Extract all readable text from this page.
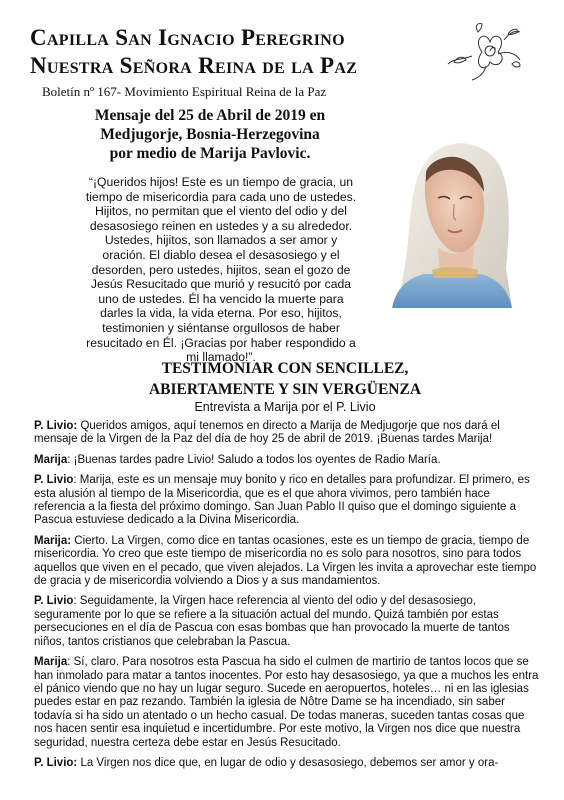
Capilla San Ignacio Peregrino
Nuestra Señora Reina de la Paz
Boletín nº 167- Movimiento Espiritual Reina de la Paz
Mensaje del 25 de Abril de 2019 en
Medjugorje, Bosnia-Herzegovina
por medio de Marija Pavlovic.
“¡Queridos hijos! Este es un tiempo de gracia, un tiempo de misericordia para cada uno de ustedes. Hijitos, no permitan que el viento del odio y del desasosiego reinen en ustedes y a su alrededor. Ustedes, hijitos, son llamados a ser amor y oración. El diablo desea el desasosiego y el desorden, pero ustedes, hijitos, sean el gozo de Jesús Resucitado que murió y resucitó por cada uno de ustedes. Él ha vencido la muerte para darles la vida, la vida eterna. Por eso, hijitos, testimonien y siéntanse orgullosos de haber resucitado en Él. ¡Gracias por haber respondido a mi llamado!”.
TESTIMONIAR CON SENCILLEZ,
ABIERTAMENTE Y SIN VERGÜENZA
Entrevista a Marija por el P. Livio

P. Livio: Queridos amigos, aquí tenemos en directo a Marija de Medjugorje que nos dará el mensaje de la Virgen de la Paz del día de hoy 25 de abril de 2019. ¡Buenas tardes Marija!

Marija: ¡Buenas tardes padre Livio! Saludo a todos los oyentes de Radio María.

P. Livio: Marija, este es un mensaje muy bonito y rico en detalles para profundizar. El primero, es esta alusión al tiempo de la Misericordia, que es el que ahora vivimos, pero también hace referencia a la fiesta del próximo domingo. San Juan Pablo II quiso que el domingo siguiente a Pascua estuviese dedicado a la Divina Misericordia.

Marija: Cierto. La Virgen, como dice en tantas ocasiones, este es un tiempo de gracia, tiempo de misericordia. Yo creo que este tiempo de misericordia no es solo para nosotros, sino para todos aquellos que viven en el pecado, que viven alejados. La Virgen les invita a aprovechar este tiempo de gracia y de misericordia volviendo a Dios y a sus mandamientos.

P. Livio: Seguidamente, la Virgen hace referencia al viento del odio y del desasosiego, seguramente por lo que se refiere a la situación actual del mundo. Quizá también por estas persecuciones en el día de Pascua con esas bombas que han provocado la muerte de tantos niños, tantos cristianos que celebraban la Pascua.

Marija: Sí, claro. Para nosotros esta Pascua ha sido el culmen de martirio de tantos locos que se han inmolado para matar a tantos inocentes. Por esto hay desasosiego, ya que a muchos les entra el pánico viendo que no hay un lugar seguro. Sucede en aeropuertos, hoteles… ni en las iglesias puedes estar en paz rezando. También la iglesia de Nôtre Dame se ha incendiado, sin saber todavía si ha sido un atentado o un hecho casual. De todas maneras, suceden tantas cosas que nos hacen sentir esa inquietud e incertidumbre. Por este motivo, la Virgen nos dice que nuestra seguridad, nuestra certeza debe estar en Jesús Resucitado.

P. Livio: La Virgen nos dice que, en lugar de odio y desasosiego, debemos ser amor y ora-
